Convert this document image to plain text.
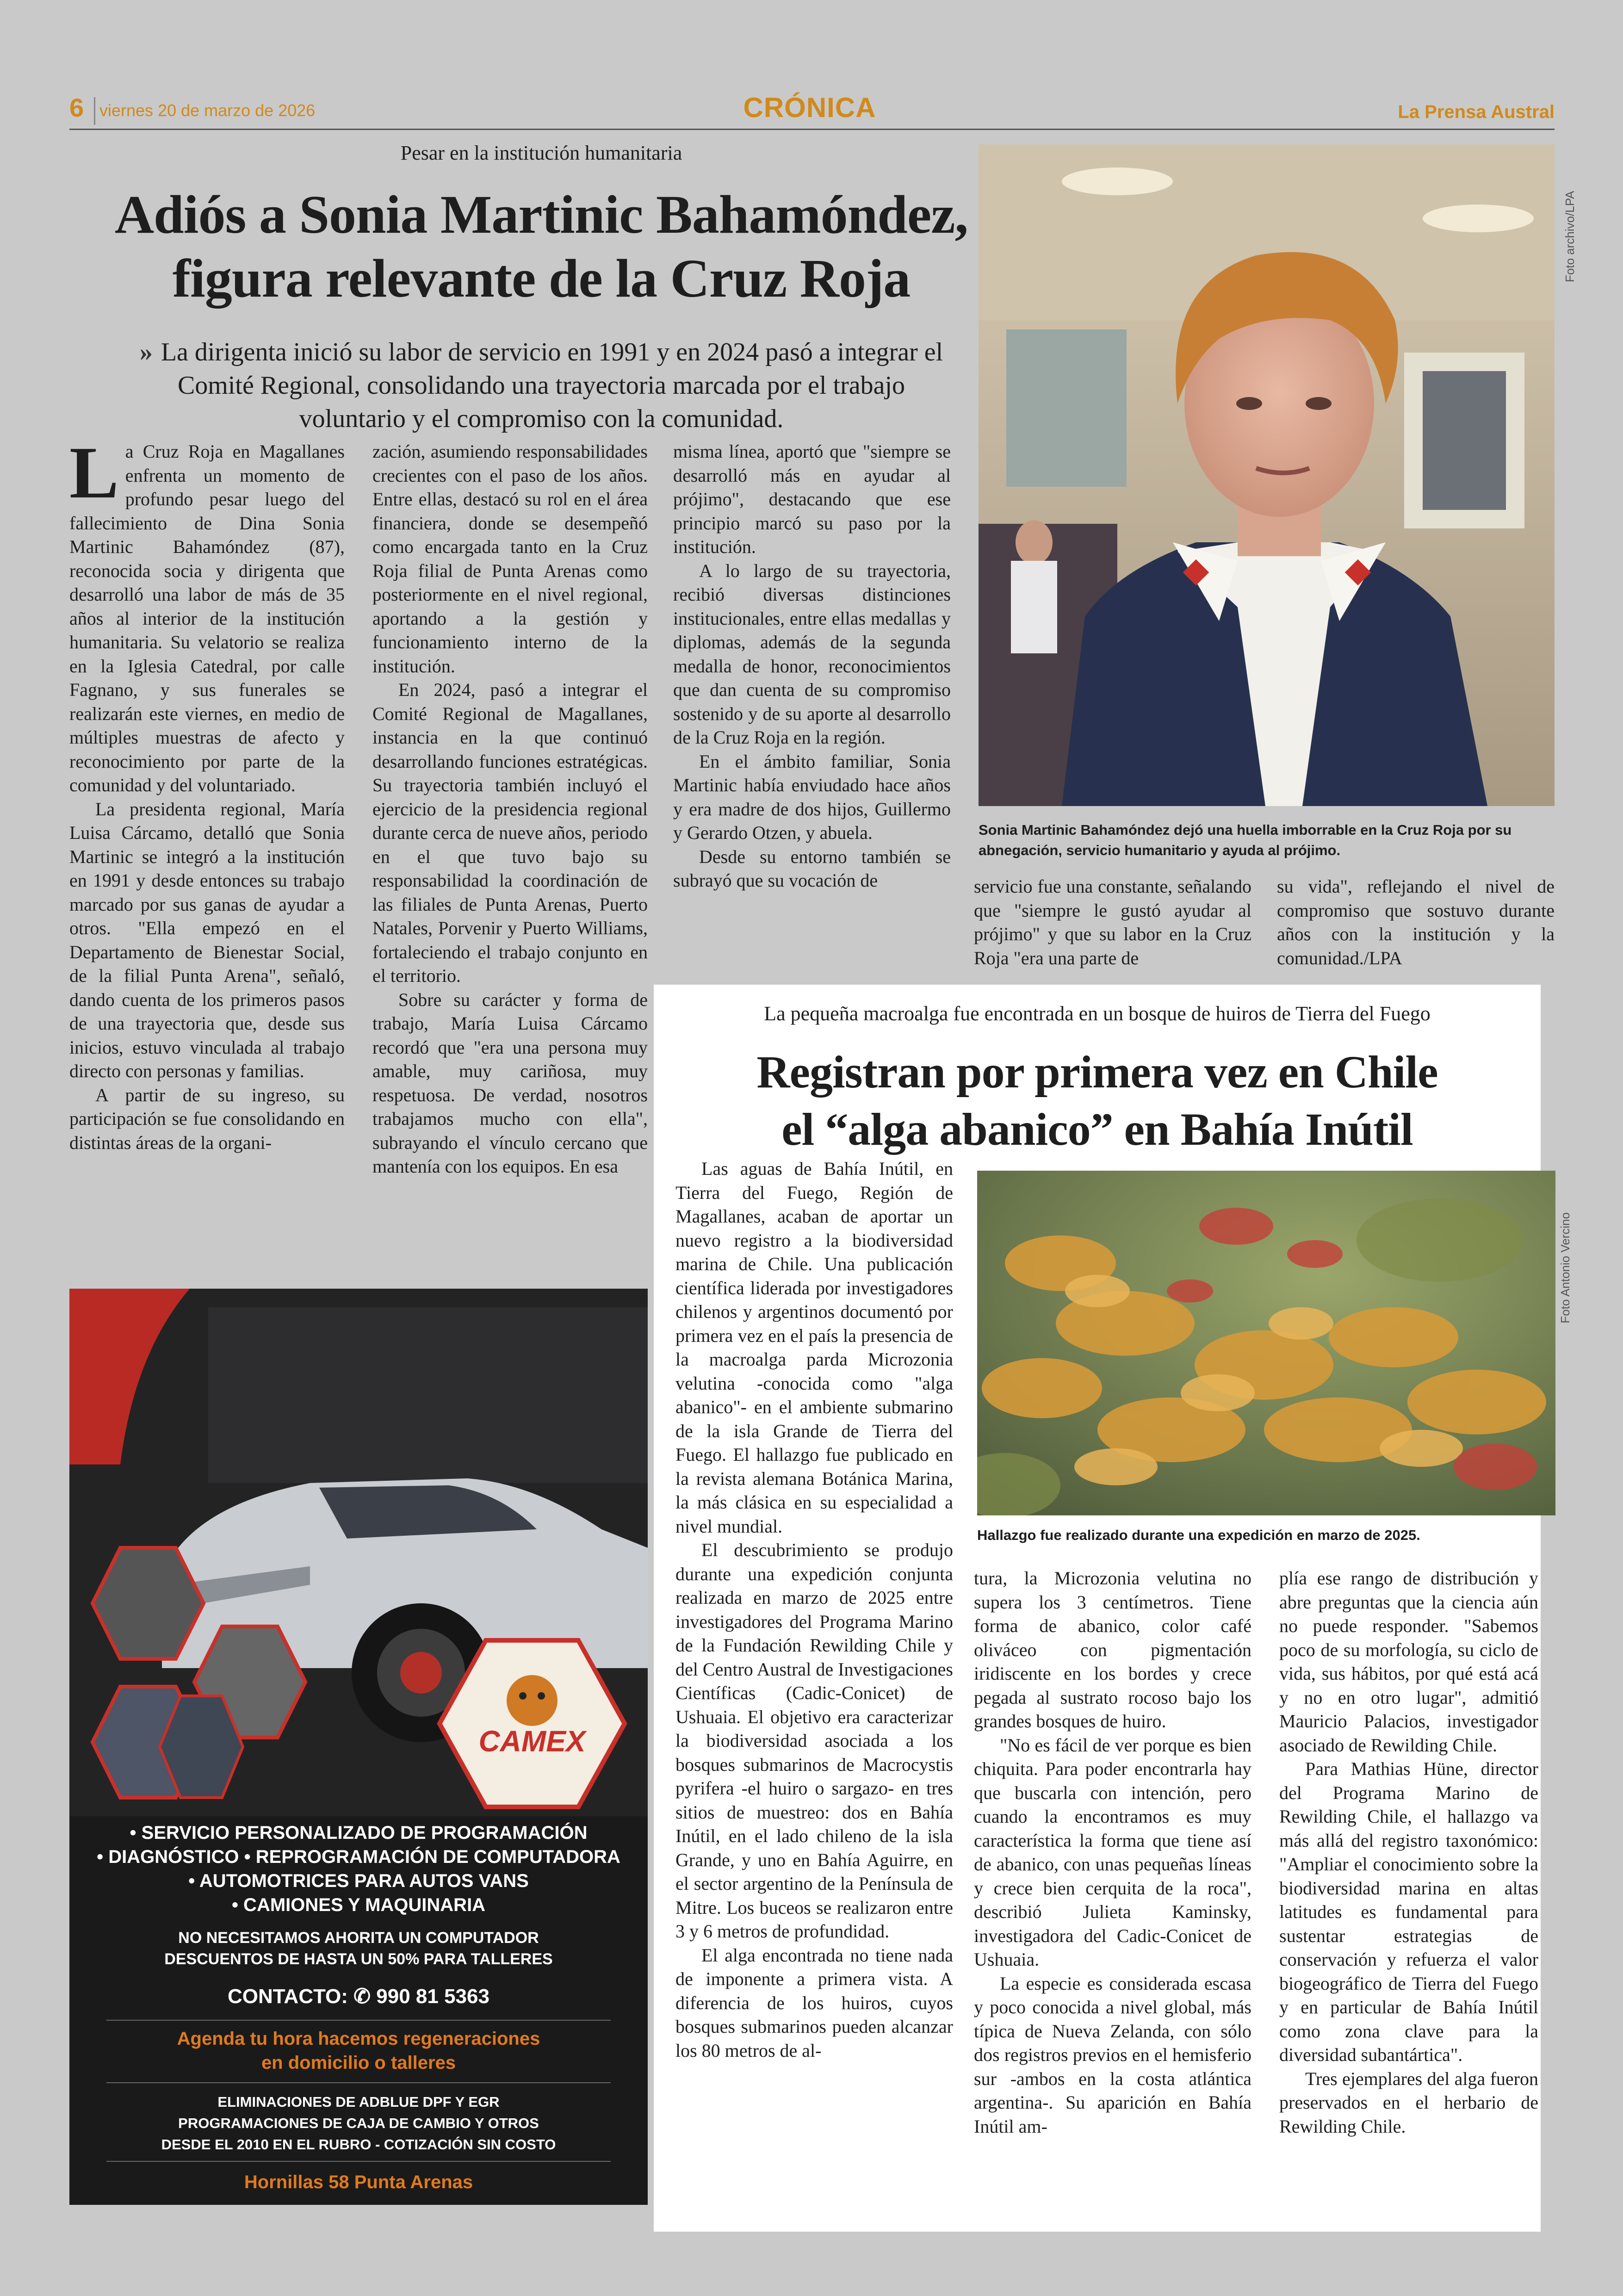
6 viernes 20 de marzo de 2026	CRÓNICA	La Prensa Austral
Pesar en la institución humanitaria
Adiós a Sonia Martinic Bahamóndez,
figura relevante de la Cruz Roja
» La dirigenta inició su labor de servicio en 1991 y en 2024 pasó a integrar el Comité Regional, consolidando una trayectoria marcada por el trabajo voluntario y el compromiso con la comunidad.

La Cruz Roja en Magallanes enfrenta un momento de profundo pesar luego del fallecimiento de Dina Sonia Martinic Bahamóndez (87), reconocida socia y dirigenta que desarrolló una labor de más de 35 años al interior de la institución humanitaria. Su velatorio se realiza en la Iglesia Catedral, por calle Fagnano, y sus funerales se realizarán este viernes, en medio de múltiples muestras de afecto y reconocimiento por parte de la comunidad y del voluntariado.

La presidenta regional, María Luisa Cárcamo, detalló que Sonia Martinic se integró a la institución en 1991 y desde entonces su trabajo marcado por sus ganas de ayudar a otros. "Ella empezó en el Departamento de Bienestar Social, de la filial Punta Arena", señaló, dando cuenta de los primeros pasos de una trayectoria que, desde sus inicios, estuvo vinculada al trabajo directo con personas y familias.

A partir de su ingreso, su participación se fue consolidando en distintas áreas de la organi-

zación, asumiendo responsabilidades crecientes con el paso de los años. Entre ellas, destacó su rol en el área financiera, donde se desempeñó como encargada tanto en la Cruz Roja filial de Punta Arenas como posteriormente en el nivel regional, aportando a la gestión y funcionamiento interno de la institución.

En 2024, pasó a integrar el Comité Regional de Magallanes, instancia en la que continuó desarrollando funciones estratégicas. Su trayectoria también incluyó el ejercicio de la presidencia regional durante cerca de nueve años, periodo en el que tuvo bajo su responsabilidad la coordinación de las filiales de Punta Arenas, Puerto Natales, Porvenir y Puerto Williams, fortaleciendo el trabajo conjunto en el territorio.

Sobre su carácter y forma de trabajo, María Luisa Cárcamo recordó que "era una persona muy amable, muy cariñosa, muy respetuosa. De verdad, nosotros trabajamos mucho con ella", subrayando el vínculo cercano que mantenía con los equipos. En esa

misma línea, aportó que "siempre se desarrolló más en ayudar al prójimo", destacando que ese principio marcó su paso por la institución.

A lo largo de su trayectoria, recibió diversas distinciones institucionales, entre ellas medallas y diplomas, además de la segunda medalla de honor, reconocimientos que dan cuenta de su compromiso sostenido y de su aporte al desarrollo de la Cruz Roja en la región.

En el ámbito familiar, Sonia Martinic había enviudado hace años y era madre de dos hijos, Guillermo y Gerardo Otzen, y abuela.

Desde su entorno también se subrayó que su vocación de	servicio fue una constante, señalando que "siempre le gustó ayudar al prójimo" y que su labor en la Cruz Roja "era una parte de

su vida", reflejando el nivel de compromiso que sostuvo durante años con la institución y la comunidad./LPA

Foto archivo/LPA
Sonia Martinic Bahamóndez dejó una huella imborrable en la Cruz Roja por su abnegación, servicio humanitario y ayuda al prójimo.
CAMEX
• SERVICIO PERSONALIZADO DE PROGRAMACIÓN
• DIAGNÓSTICO • REPROGRAMACIÓN DE COMPUTADORA
• AUTOMOTRICES PARA AUTOS VANS
• CAMIONES Y MAQUINARIA
NO NECESITAMOS AHORITA UN COMPUTADOR
DESCUENTOS DE HASTA UN 50% PARA TALLERES
CONTACTO: ✆ 990 81 5363
Agenda tu hora hacemos regeneraciones
en domicilio o talleres
ELIMINACIONES DE ADBLUE DPF Y EGR
PROGRAMACIONES DE CAJA DE CAMBIO Y OTROS
DESDE EL 2010 EN EL RUBRO - COTIZACIÓN SIN COSTO
Hornillas 58 Punta Arenas
La pequeña macroalga fue encontrada en un bosque de huiros de Tierra del Fuego
Registran por primera vez en Chile
el “alga abanico” en Bahía Inútil

Las aguas de Bahía Inútil, en Tierra del Fuego, Región de Magallanes, acaban de aportar un nuevo registro a la biodiversidad marina de Chile. Una publicación científica liderada por investigadores chilenos y argentinos documentó por primera vez en el país la presencia de la macroalga parda Microzonia velutina -conocida como "alga abanico"- en el ambiente submarino de la isla Grande de Tierra del Fuego. El hallazgo fue publicado en la revista alemana Botánica Marina, la más clásica en su especialidad a nivel mundial.

El descubrimiento se produjo durante una expedición conjunta realizada en marzo de 2025 entre investigadores del Programa Marino de la Fundación Rewilding Chile y del Centro Austral de Investigaciones Científicas (Cadic-Conicet) de Ushuaia. El objetivo era caracterizar la biodiversidad asociada a los bosques submarinos de Macrocystis pyrifera -el huiro o sargazo- en tres sitios de muestreo: dos en Bahía Inútil, en el lado chileno de la isla Grande, y uno en Bahía Aguirre, en el sector argentino de la Península de Mitre. Los buceos se realizaron entre 3 y 6 metros de profundidad.

El alga encontrada no tiene nada de imponente a primera vista. A diferencia de los huiros, cuyos bosques submarinos pueden alcanzar los 80 metros de al-

Foto Antonio Vercino
Hallazgo fue realizado durante una expedición en marzo de 2025.

tura, la Microzonia velutina no supera los 3 centímetros. Tiene forma de abanico, color café oliváceo con pigmentación iridiscente en los bordes y crece pegada al sustrato rocoso bajo los grandes bosques de huiro.

"No es fácil de ver porque es bien chiquita. Para poder encontrarla hay que buscarla con intención, pero cuando la encontramos es muy característica la forma que tiene así de abanico, con unas pequeñas líneas y crece bien cerquita de la roca", describió Julieta Kaminsky, investigadora del Cadic-Conicet de Ushuaia.

La especie es considerada escasa y poco conocida a nivel global, más típica de Nueva Zelanda, con sólo dos registros previos en el hemisferio sur -ambos en la costa atlántica argentina-. Su aparición en Bahía Inútil am-

plía ese rango de distribución y abre preguntas que la ciencia aún no puede responder. "Sabemos poco de su morfología, su ciclo de vida, sus hábitos, por qué está acá y no en otro lugar", admitió Mauricio Palacios, investigador asociado de Rewilding Chile.

Para Mathias Hüne, director del Programa Marino de Rewilding Chile, el hallazgo va más allá del registro taxonómico: "Ampliar el conocimiento sobre la biodiversidad marina en altas latitudes es fundamental para sustentar estrategias de conservación y refuerza el valor biogeográfico de Tierra del Fuego y en particular de Bahía Inútil como zona clave para la diversidad subantártica".

Tres ejemplares del alga fueron preservados en el herbario de Rewilding Chile.
